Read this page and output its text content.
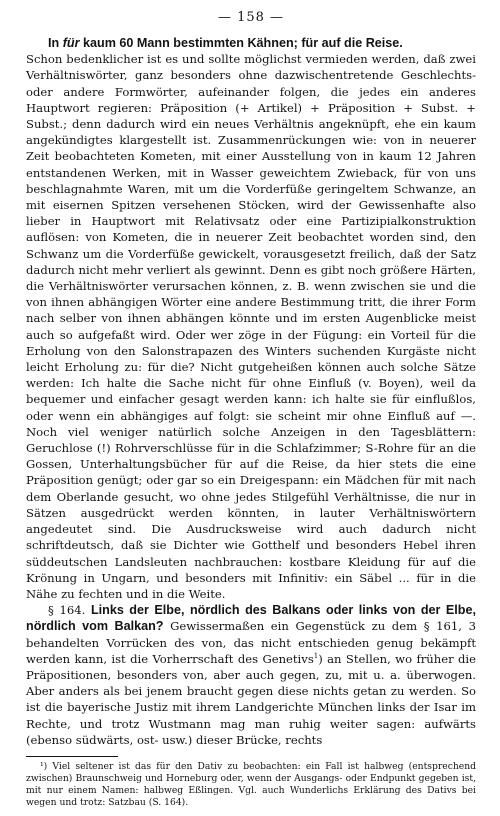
— 158 —

In für kaum 60 Mann bestimmten Kähnen; für auf die Reise.

Schon bedenklicher ist es und sollte möglichst vermieden werden, daß zwei Verhältniswörter, ganz besonders ohne dazwischentretende Geschlechts- oder andere Formwörter, aufeinander folgen, die jedes ein anderes Hauptwort regieren: Präposition (+ Artikel) + Präposition + Subst. + Subst.; denn dadurch wird ein neues Verhältnis angeknüpft, ehe ein kaum angekündigtes klargestellt ist. Zusammenrückungen wie: von in neuerer Zeit beobachteten Kometen, mit einer Ausstellung von in kaum 12 Jahren entstandenen Werken, mit in Wasser geweichtem Zwieback, für von uns beschlagnahmte Waren, mit um die Vorderfüße geringeltem Schwanze, an mit eisernen Spitzen versehenen Stöcken, wird der Gewissenhafte also lieber in Hauptwort mit Relativsatz oder eine Partizipialkonstruktion auflösen: von Kometen, die in neuerer Zeit beobachtet worden sind, den Schwanz um die Vorderfüße gewickelt, vorausgesetzt freilich, daß der Satz dadurch nicht mehr verliert als gewinnt. Denn es gibt noch größere Härten, die Verhältniswörter verursachen können, z. B. wenn zwischen sie und die von ihnen abhängigen Wörter eine andere Bestimmung tritt, die ihrer Form nach selber von ihnen abhängen könnte und im ersten Augenblicke meist auch so aufgefaßt wird. Oder wer zöge in der Fügung: ein Vorteil für die Erholung von den Salonstrapazen des Winters suchenden Kurgäste nicht leicht Erholung zu: für die? Nicht gutgeheißen können auch solche Sätze werden: Ich halte die Sache nicht für ohne Einfluß (v. Boyen), weil da bequemer und einfacher gesagt werden kann: ich halte sie für einflußlos, oder wenn ein abhängiges auf folgt: sie scheint mir ohne Einfluß auf —. Noch viel weniger natürlich solche Anzeigen in den Tagesblättern: Geruchlose (!) Rohrverschlüsse für in die Schlafzimmer; S-Rohre für an die Gossen, Unterhaltungsbücher für auf die Reise, da hier stets die eine Präposition genügt; oder gar so ein Dreigespann: ein Mädchen für mit nach dem Oberlande gesucht, wo ohne jedes Stilgefühl Verhältnisse, die nur in Sätzen ausgedrückt werden könnten, in lauter Verhältniswörtern angedeutet sind. Die Ausdrucksweise wird auch dadurch nicht schriftdeutsch, daß sie Dichter wie Gotthelf und besonders Hebel ihren süddeutschen Landsleuten nachbrauchen: kostbare Kleidung für auf die Krönung in Ungarn, und besonders mit Infinitiv: ein Säbel ... für in die Nähe zu fechten und in die Weite.

§ 164. Links der Elbe, nördlich des Balkans oder links von der Elbe, nördlich vom Balkan? Gewissermaßen ein Gegenstück zu dem § 161, 3 behandelten Vorrücken des von, das nicht entschieden genug bekämpft werden kann, ist die Vorherrschaft des Genetivs$^1$) an Stellen, wo früher die Präpositionen, besonders von, aber auch gegen, zu, mit u. a. überwogen. Aber anders als bei jenem braucht gegen diese nichts getan zu werden. So ist die bayerische Justiz mit ihrem Landgerichte München links der Isar im Rechte, und trotz Wustmann mag man ruhig weiter sagen: aufwärts (ebenso südwärts, ost- usw.) dieser Brücke, rechts

¹) Viel seltener ist das für den Dativ zu beobachten: ein Fall ist halbweg (entsprechend zwischen) Braunschweig und Horneburg oder, wenn der Ausgangs- oder Endpunkt gegeben ist, mit nur einem Namen: halbweg Eßlingen. Vgl. auch Wunderlichs Erklärung des Dativs bei wegen und trotz: Satzbau (S. 164).
